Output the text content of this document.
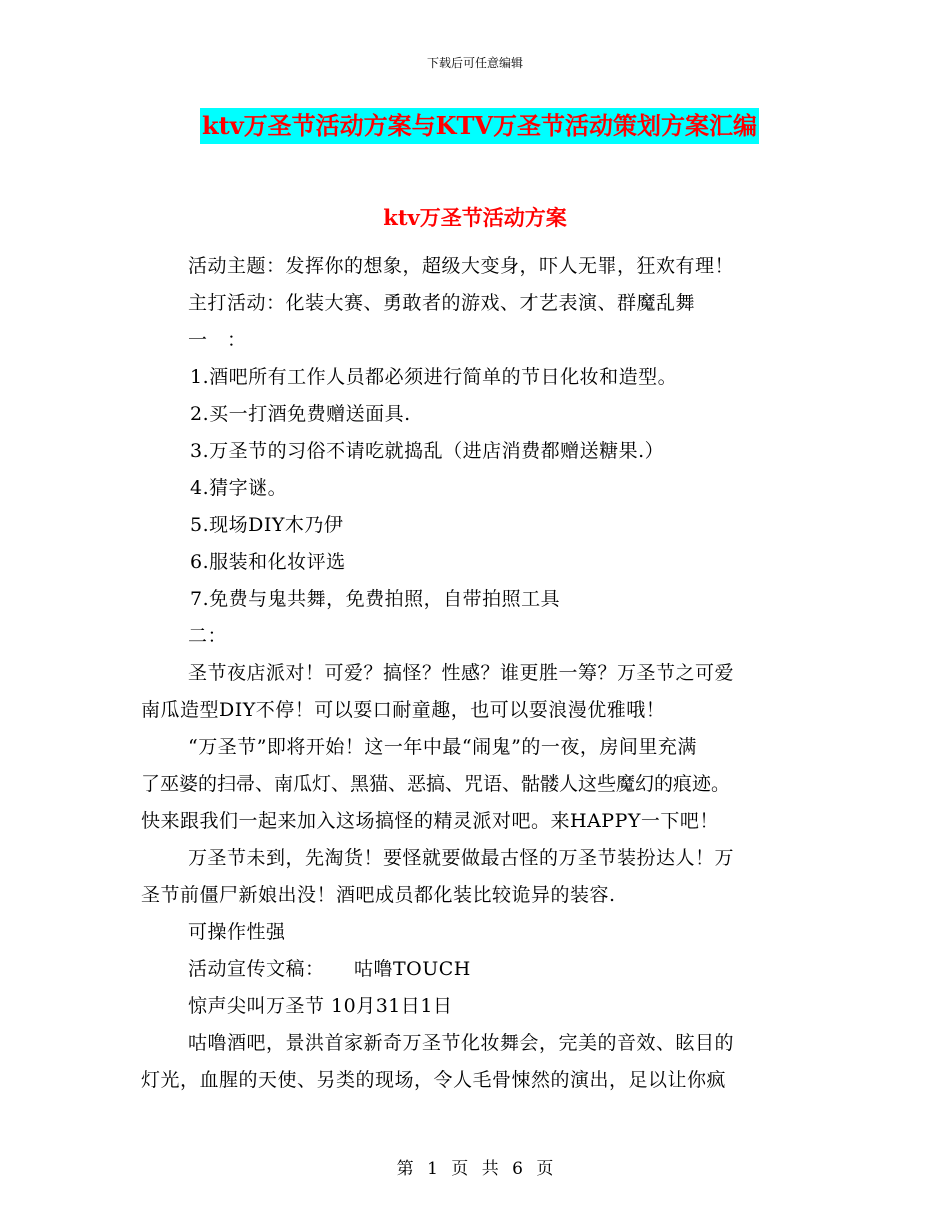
下载后可任意编辑
ktv万圣节活动方案与KTV万圣节活动策划方案汇编
ktv万圣节活动方案
活动主题：发挥你的想象，超级大变身，吓人无罪，狂欢有理！
主打活动：化装大赛、勇敢者的游戏、才艺表演、群魔乱舞
一　：
1.酒吧所有工作人员都必须进行简单的节日化妆和造型。
2.买一打酒免费赠送面具.
3.万圣节的习俗不请吃就捣乱（进店消费都赠送糖果.）
4.猜字谜。
5.现场DIY木乃伊
6.服装和化妆评选
7.免费与鬼共舞，免费拍照，自带拍照工具
二：
圣节夜店派对！可爱？搞怪？性感？谁更胜一筹？万圣节之可爱
南瓜造型DIY不停！可以耍口耐童趣，也可以耍浪漫优雅哦！
“万圣节”即将开始！这一年中最“闹鬼”的一夜，房间里充满
了巫婆的扫帚、南瓜灯、黑猫、恶搞、咒语、骷髅人这些魔幻的痕迹。
快来跟我们一起来加入这场搞怪的精灵派对吧。来HAPPY一下吧！
万圣节未到，先淘货！要怪就要做最古怪的万圣节装扮达人！万
圣节前僵尸新娘出没！酒吧成员都化装比较诡异的装容.
可操作性强
活动宣传文稿：　　咕噜TOUCH
惊声尖叫万圣节 10月31日1日
咕噜酒吧，景洪首家新奇万圣节化妆舞会，完美的音效、眩目的
灯光，血腥的天使、另类的现场，令人毛骨悚然的演出，足以让你疯
第 1 页 共 6 页
